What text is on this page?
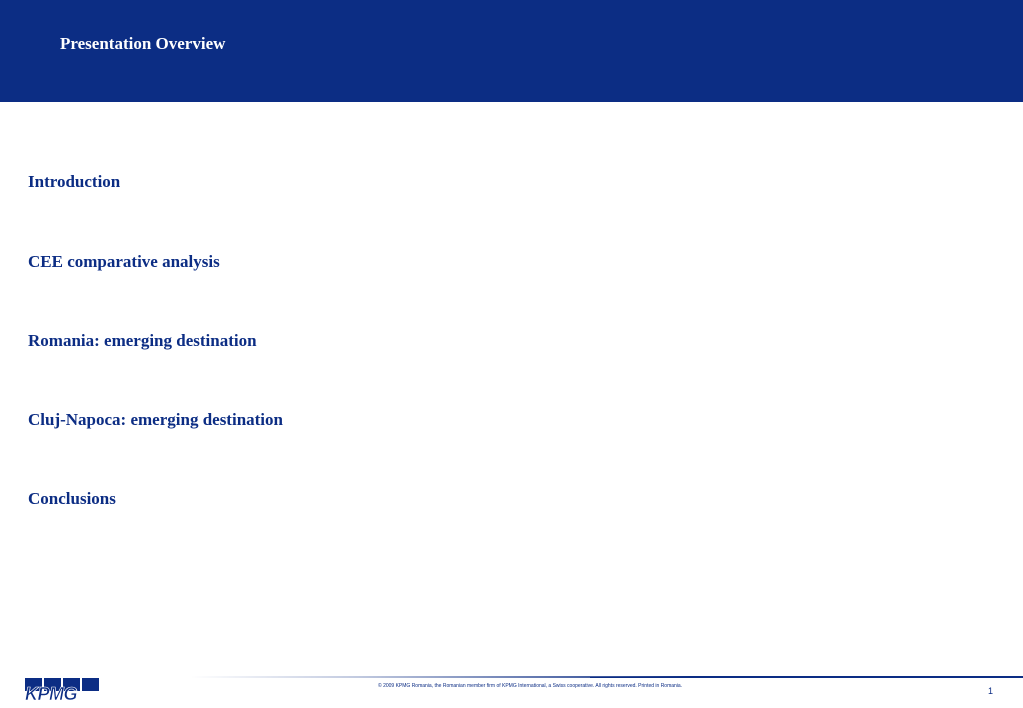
Presentation Overview
Introduction
CEE comparative analysis
Romania: emerging destination
Cluj-Napoca: emerging destination
Conclusions
KPMG	© 2009 KPMG Romania, the Romanian member firm of KPMG International, a Swiss cooperative. All rights reserved. Printed in Romania.	1
